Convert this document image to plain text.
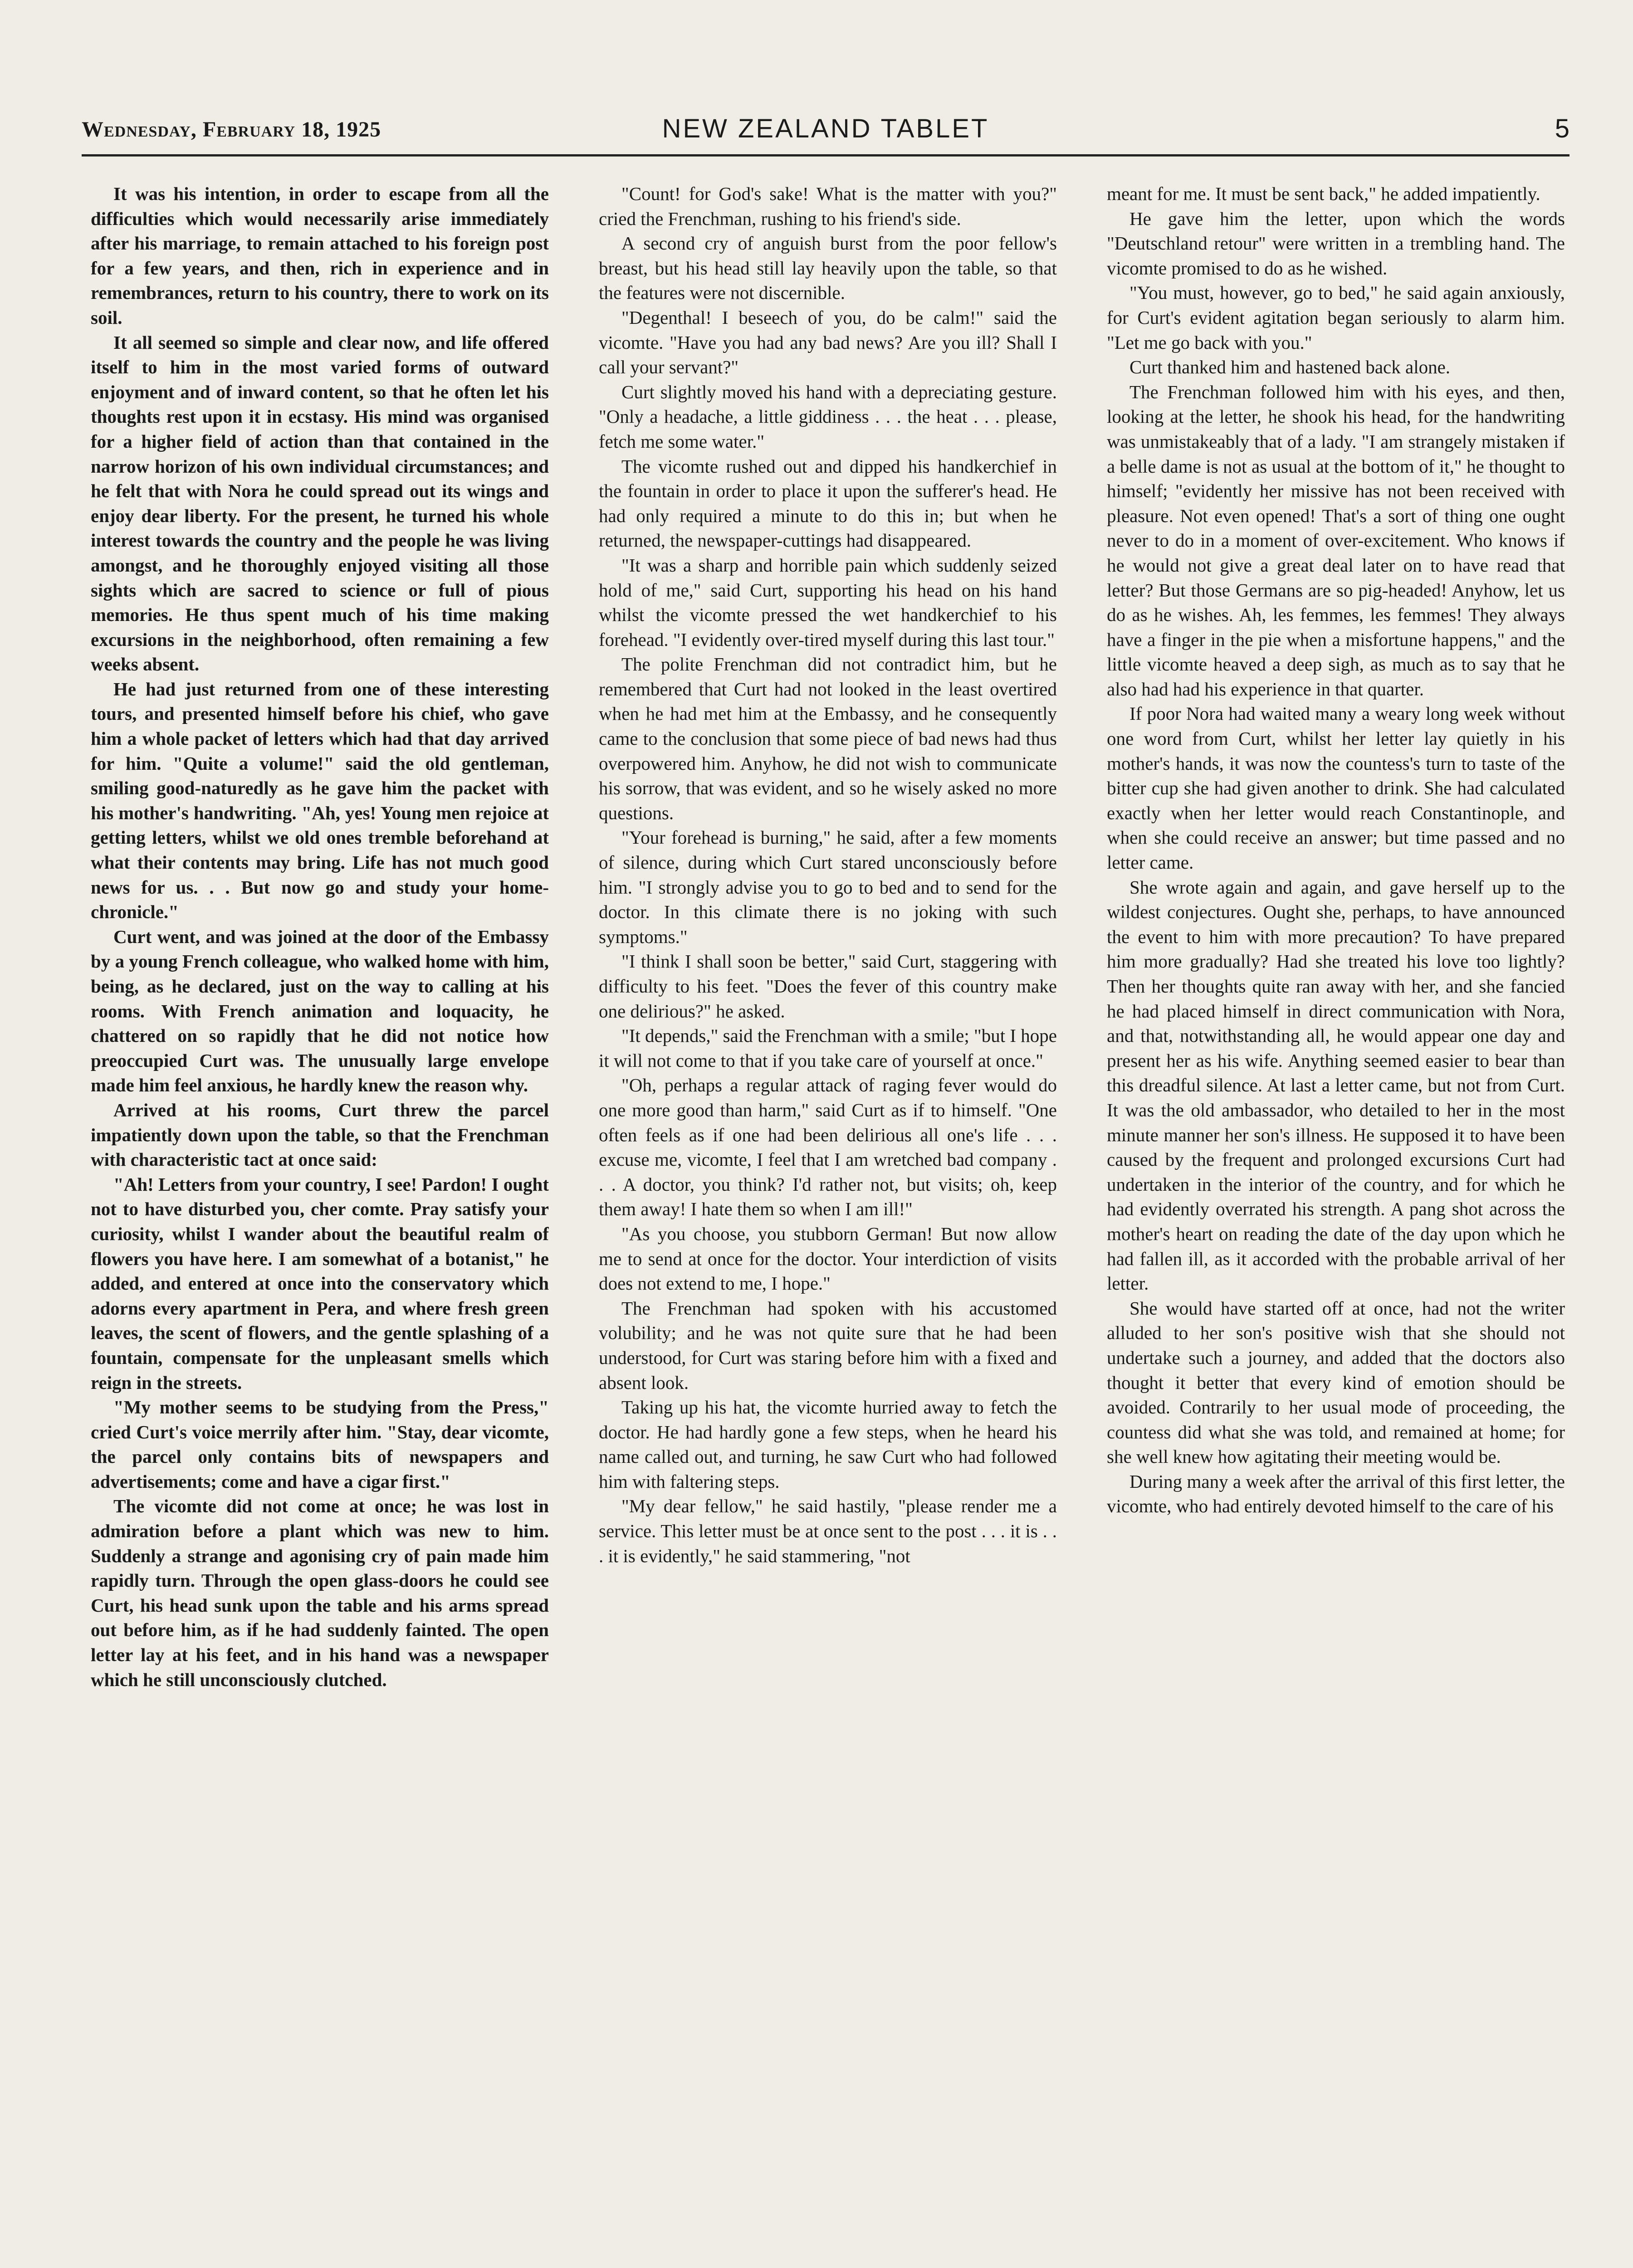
Wednesday, February 18, 1925	NEW ZEALAND TABLET	5

It was his intention, in order to escape from all the difficulties which would necessarily arise immediately after his marriage, to remain attached to his foreign post for a few years, and then, rich in experience and in remembrances, return to his country, there to work on its soil.

It all seemed so simple and clear now, and life offered itself to him in the most varied forms of outward enjoyment and of inward content, so that he often let his thoughts rest upon it in ecstasy. His mind was organised for a higher field of action than that contained in the narrow horizon of his own individual circumstances; and he felt that with Nora he could spread out its wings and enjoy dear liberty. For the present, he turned his whole interest towards the country and the people he was living amongst, and he thoroughly enjoyed visiting all those sights which are sacred to science or full of pious memories. He thus spent much of his time making excursions in the neighborhood, often remaining a few weeks absent.

He had just returned from one of these interesting tours, and presented himself before his chief, who gave him a whole packet of letters which had that day arrived for him. "Quite a volume!" said the old gentleman, smiling good-naturedly as he gave him the packet with his mother's handwriting. "Ah, yes! Young men rejoice at getting letters, whilst we old ones tremble beforehand at what their contents may bring. Life has not much good news for us. . . But now go and study your home-chronicle."

Curt went, and was joined at the door of the Embassy by a young French colleague, who walked home with him, being, as he declared, just on the way to calling at his rooms. With French animation and loquacity, he chattered on so rapidly that he did not notice how preoccupied Curt was. The unusually large envelope made him feel anxious, he hardly knew the reason why.

Arrived at his rooms, Curt threw the parcel impatiently down upon the table, so that the Frenchman with characteristic tact at once said:

"Ah! Letters from your country, I see! Pardon! I ought not to have disturbed you, cher comte. Pray satisfy your curiosity, whilst I wander about the beautiful realm of flowers you have here. I am somewhat of a botanist," he added, and entered at once into the conservatory which adorns every apartment in Pera, and where fresh green leaves, the scent of flowers, and the gentle splashing of a fountain, compensate for the unpleasant smells which reign in the streets.

"My mother seems to be studying from the Press," cried Curt's voice merrily after him. "Stay, dear vicomte, the parcel only contains bits of newspapers and advertisements; come and have a cigar first."

The vicomte did not come at once; he was lost in admiration before a plant which was new to him. Suddenly a strange and agonising cry of pain made him rapidly turn. Through the open glass-doors he could see Curt, his head sunk upon the table and his arms spread out before him, as if he had suddenly fainted. The open letter lay at his feet, and in his hand was a newspaper which he still unconsciously clutched.

"Count! for God's sake! What is the matter with you?" cried the Frenchman, rushing to his friend's side.

A second cry of anguish burst from the poor fellow's breast, but his head still lay heavily upon the table, so that the features were not discernible.

"Degenthal! I beseech of you, do be calm!" said the vicomte. "Have you had any bad news? Are you ill? Shall I call your servant?"

Curt slightly moved his hand with a depreciating gesture. "Only a headache, a little giddiness . . . the heat . . . please, fetch me some water."

The vicomte rushed out and dipped his handkerchief in the fountain in order to place it upon the sufferer's head. He had only required a minute to do this in; but when he returned, the newspaper-cuttings had disappeared.

"It was a sharp and horrible pain which suddenly seized hold of me," said Curt, supporting his head on his hand whilst the vicomte pressed the wet handkerchief to his forehead. "I evidently over-tired myself during this last tour."

The polite Frenchman did not contradict him, but he remembered that Curt had not looked in the least overtired when he had met him at the Embassy, and he consequently came to the conclusion that some piece of bad news had thus overpowered him. Anyhow, he did not wish to communicate his sorrow, that was evident, and so he wisely asked no more questions.

"Your forehead is burning," he said, after a few moments of silence, during which Curt stared unconsciously before him. "I strongly advise you to go to bed and to send for the doctor. In this climate there is no joking with such symptoms."

"I think I shall soon be better," said Curt, staggering with difficulty to his feet. "Does the fever of this country make one delirious?" he asked.

"It depends," said the Frenchman with a smile; "but I hope it will not come to that if you take care of yourself at once."

"Oh, perhaps a regular attack of raging fever would do one more good than harm," said Curt as if to himself. "One often feels as if one had been delirious all one's life . . . excuse me, vicomte, I feel that I am wretched bad company . . . A doctor, you think? I'd rather not, but visits; oh, keep them away! I hate them so when I am ill!"

"As you choose, you stubborn German! But now allow me to send at once for the doctor. Your interdiction of visits does not extend to me, I hope."

The Frenchman had spoken with his accustomed volubility; and he was not quite sure that he had been understood, for Curt was staring before him with a fixed and absent look.

Taking up his hat, the vicomte hurried away to fetch the doctor. He had hardly gone a few steps, when he heard his name called out, and turning, he saw Curt who had followed him with faltering steps.

"My dear fellow," he said hastily, "please render me a service. This letter must be at once sent to the post . . . it is . . . it is evidently," he said stammering, "not

meant for me. It must be sent back," he added impatiently.

He gave him the letter, upon which the words "Deutschland retour" were written in a trembling hand. The vicomte promised to do as he wished.

"You must, however, go to bed," he said again anxiously, for Curt's evident agitation began seriously to alarm him. "Let me go back with you."

Curt thanked him and hastened back alone.

The Frenchman followed him with his eyes, and then, looking at the letter, he shook his head, for the handwriting was unmistakeably that of a lady. "I am strangely mistaken if a belle dame is not as usual at the bottom of it," he thought to himself; "evidently her missive has not been received with pleasure. Not even opened! That's a sort of thing one ought never to do in a moment of over-excitement. Who knows if he would not give a great deal later on to have read that letter? But those Germans are so pig-headed! Anyhow, let us do as he wishes. Ah, les femmes, les femmes! They always have a finger in the pie when a misfortune happens," and the little vicomte heaved a deep sigh, as much as to say that he also had had his experience in that quarter.

If poor Nora had waited many a weary long week without one word from Curt, whilst her letter lay quietly in his mother's hands, it was now the countess's turn to taste of the bitter cup she had given another to drink. She had calculated exactly when her letter would reach Constantinople, and when she could receive an answer; but time passed and no letter came.

She wrote again and again, and gave herself up to the wildest conjectures. Ought she, perhaps, to have announced the event to him with more precaution? To have prepared him more gradually? Had she treated his love too lightly? Then her thoughts quite ran away with her, and she fancied he had placed himself in direct communication with Nora, and that, notwithstanding all, he would appear one day and present her as his wife. Anything seemed easier to bear than this dreadful silence. At last a letter came, but not from Curt. It was the old ambassador, who detailed to her in the most minute manner her son's illness. He supposed it to have been caused by the frequent and prolonged excursions Curt had undertaken in the interior of the country, and for which he had evidently overrated his strength. A pang shot across the mother's heart on reading the date of the day upon which he had fallen ill, as it accorded with the probable arrival of her letter.

She would have started off at once, had not the writer alluded to her son's positive wish that she should not undertake such a journey, and added that the doctors also thought it better that every kind of emotion should be avoided. Contrarily to her usual mode of proceeding, the countess did what she was told, and remained at home; for she well knew how agitating their meeting would be.

During many a week after the arrival of this first letter, the vicomte, who had entirely devoted himself to the care of his
